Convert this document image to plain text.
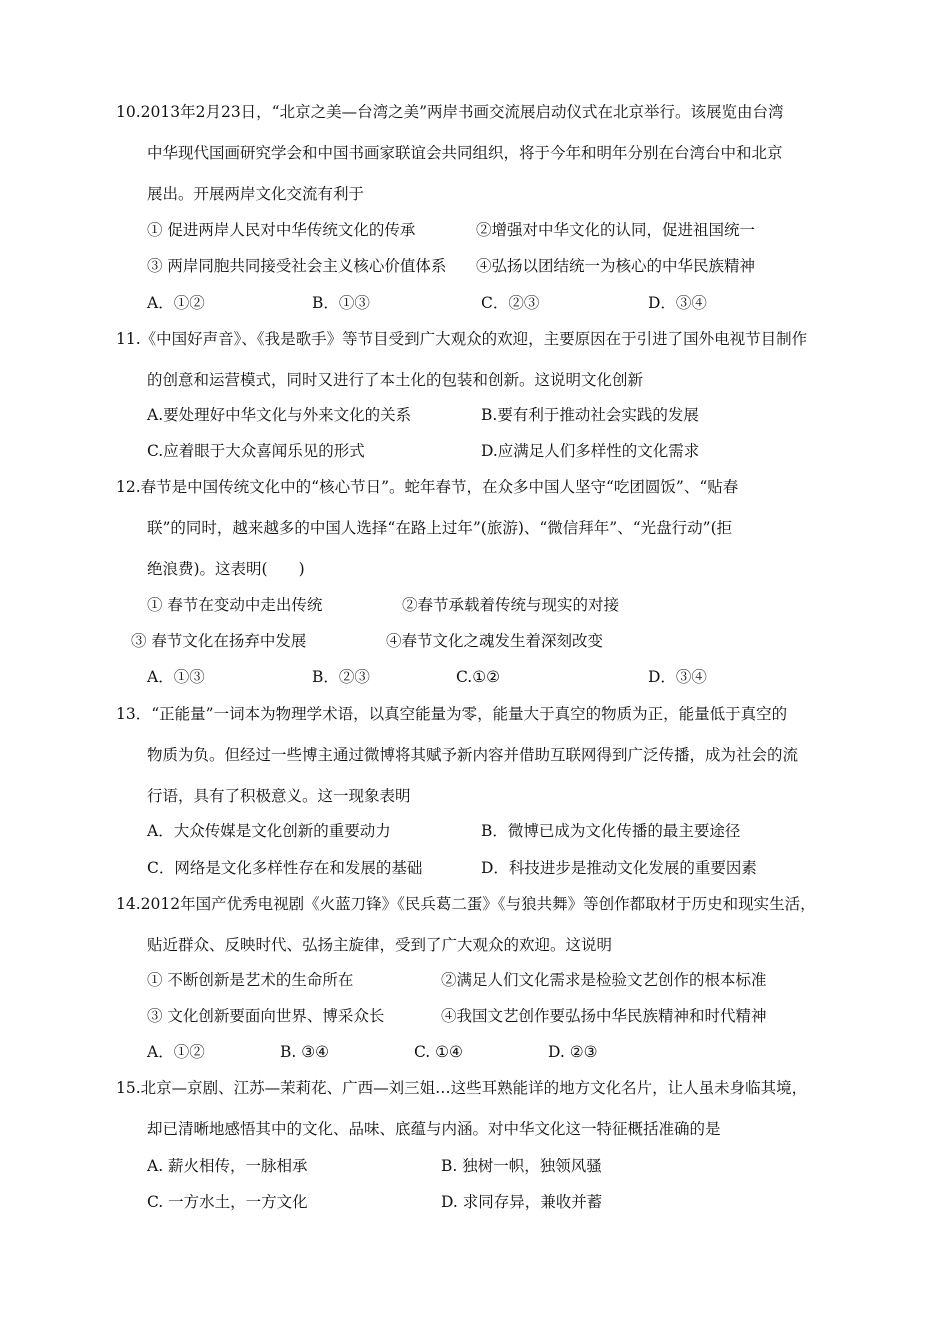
10.2013年2月23日，“北京之美—台湾之美”两岸书画交流展启动仪式在北京举行。该展览由台湾
中华现代国画研究学会和中国书画家联谊会共同组织，将于今年和明年分别在台湾台中和北京
展出。开展两岸文化交流有利于
① 促进两岸人民对中华传统文化的传承	②增强对中华文化的认同，促进祖国统一
③ 两岸同胞共同接受社会主义核心价值体系 ④弘扬以团结统一为核心的中华民族精神
A．①②	B．①③	C．②③	D．③④
11.《中国好声音》、《我是歌手》等节目受到广大观众的欢迎，主要原因在于引进了国外电视节目制作
的创意和运营模式，同时又进行了本土化的包装和创新。这说明文化创新
A.要处理好中华文化与外来文化的关系	B.要有利于推动社会实践的发展
C.应着眼于大众喜闻乐见的形式	D.应满足人们多样性的文化需求
12.春节是中国传统文化中的“核心节日”。蛇年春节，在众多中国人坚守“吃团圆饭”、“贴春
联”的同时，越来越多的中国人选择“在路上过年”(旅游)、“微信拜年”、“光盘行动”(拒
绝浪费)。这表明(　　)
① 春节在变动中走出传统	②春节承载着传统与现实的对接
③ 春节文化在扬弃中发展	④春节文化之魂发生着深刻改变
A．①③	B．②③	C.①②	D．③④
13．“正能量”一词本为物理学术语，以真空能量为零，能量大于真空的物质为正，能量低于真空的
物质为负。但经过一些博主通过微博将其赋予新内容并借助互联网得到广泛传播，成为社会的流
行语，具有了积极意义。这一现象表明
A．大众传媒是文化创新的重要动力	B．微博已成为文化传播的最主要途径
C．网络是文化多样性存在和发展的基础	D．科技进步是推动文化发展的重要因素
14.2012年国产优秀电视剧《火蓝刀锋》《民兵葛二蛋》《与狼共舞》等创作都取材于历史和现实生活，
贴近群众、反映时代、弘扬主旋律，受到了广大观众的欢迎。这说明
① 不断创新是艺术的生命所在	②满足人们文化需求是检验文艺创作的根本标准
③ 文化创新要面向世界、博采众长	④我国文艺创作要弘扬中华民族精神和时代精神
A．①②	B. ③④	C. ①④	D. ②③
15.北京—京剧、江苏—茉莉花、广西—刘三姐…这些耳熟能详的地方文化名片，让人虽未身临其境，
却已清晰地感悟其中的文化、品味、底蕴与内涵。对中华文化这一特征概括准确的是
A. 薪火相传，一脉相承	B. 独树一帜，独领风骚
C. 一方水土，一方文化	D. 求同存异，兼收并蓄
